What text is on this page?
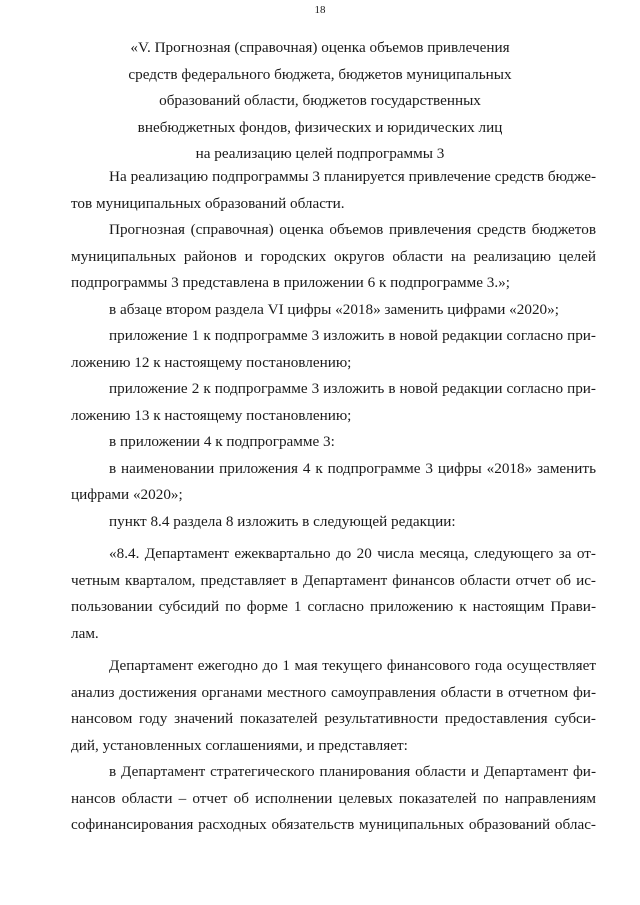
18
«V. Прогнозная (справочная) оценка объемов привлечения
средств федерального бюджета, бюджетов муниципальных
образований области, бюджетов государственных
внебюджетных фондов, физических и юридических лиц
на реализацию целей подпрограммы 3
На реализацию подпрограммы 3 планируется привлечение средств бюдже-
тов муниципальных образований области.
Прогнозная (справочная) оценка объемов привлечения средств бюджетов
муниципальных районов и городских округов области на реализацию целей
подпрограммы 3 представлена в приложении 6 к подпрограмме 3.»;
в абзаце втором раздела VI цифры «2018» заменить цифрами «2020»;
приложение 1 к подпрограмме 3 изложить в новой редакции согласно при-
ложению 12 к настоящему постановлению;
приложение 2 к подпрограмме 3 изложить в новой редакции согласно при-
ложению 13 к настоящему постановлению;
в приложении 4 к подпрограмме 3:
в наименовании приложения 4 к подпрограмме 3 цифры «2018» заменить
цифрами «2020»;
пункт 8.4 раздела 8 изложить в следующей редакции:
«8.4. Департамент ежеквартально до 20 числа месяца, следующего за от-
четным кварталом, представляет в Департамент финансов области отчет об ис-
пользовании субсидий по форме 1 согласно приложению к настоящим Прави-
лам.
Департамент ежегодно до 1 мая текущего финансового года осуществляет
анализ достижения органами местного самоуправления области в отчетном фи-
нансовом году значений показателей результативности предоставления субси-
дий, установленных соглашениями, и представляет:
в Департамент стратегического планирования области и Департамент фи-
нансов области – отчет об исполнении целевых показателей по направлениям
софинансирования расходных обязательств муниципальных образований облас-
